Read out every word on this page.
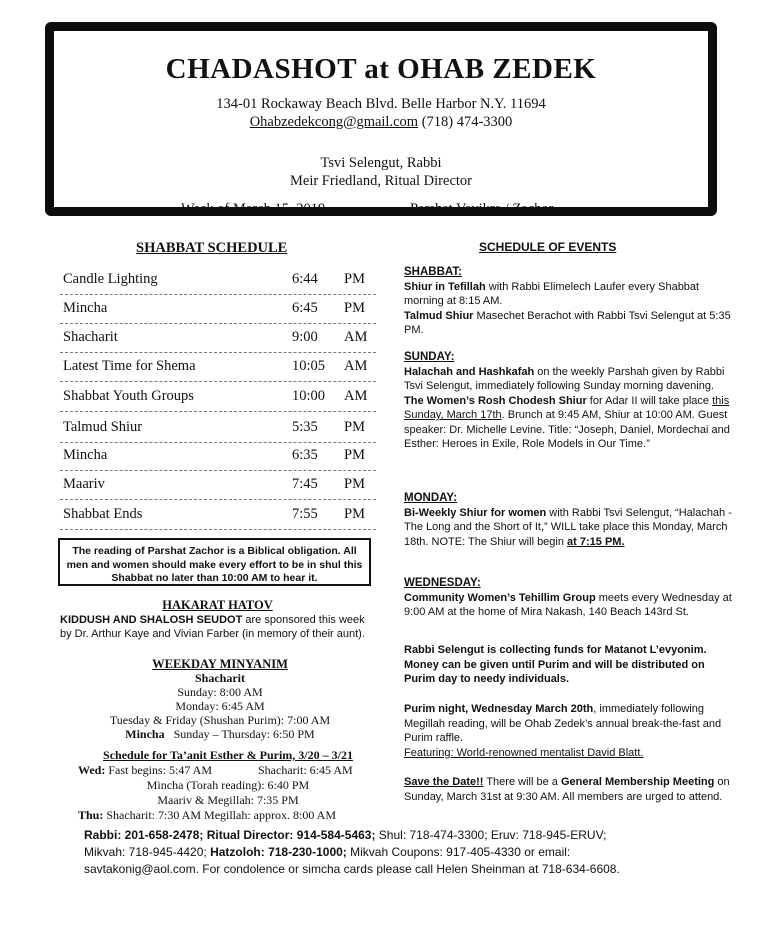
CHADASHOT at OHAB ZEDEK
134-01 Rockaway Beach Blvd. Belle Harbor N.Y. 11694
Ohabzedekcong@gmail.com (718) 474-3300
Tsvi Selengut, Rabbi
Meir Friedland, Ritual Director
Week of March 15, 2019	Parshat Vayikra / Zachor
SHABBAT SCHEDULE
Candle Lighting	6:44 PM
Mincha	6:45 PM
Shacharit	9:00 AM
Latest Time for Shema	10:05 AM
Shabbat Youth Groups	10:00 AM
Talmud Shiur	5:35 PM
Mincha	6:35 PM
Maariv	7:45 PM
Shabbat Ends	7:55 PM
The reading of Parshat Zachor is a Biblical obligation. All men and women should make every effort to be in shul this Shabbat no later than 10:00 AM to hear it.
HAKARAT HATOV
KIDDUSH AND SHALOSH SEUDOT are sponsored this week by Dr. Arthur Kaye and Vivian Farber (in memory of their aunt).
WEEKDAY MINYANIM
Shacharit
Sunday: 8:00 AM
Monday: 6:45 AM
Tuesday & Friday (Shushan Purim): 7:00 AM
Mincha Sunday – Thursday: 6:50 PM
Schedule for Ta’anit Esther & Purim, 3/20 – 3/21
Wed: Fast begins: 5:47 AM	Shacharit: 6:45 AM
Mincha (Torah reading): 6:40 PM
Maariv & Megillah: 7:35 PM
Thu: Shacharit: 7:30 AM Megillah: approx. 8:00 AM
SCHEDULE OF EVENTS
SHABBAT:
Shiur in Tefillah with Rabbi Elimelech Laufer every Shabbat morning at 8:15 AM.
Talmud Shiur Masechet Berachot with Rabbi Tsvi Selengut at 5:35 PM.
SUNDAY:
Halachah and Hashkafah on the weekly Parshah given by Rabbi Tsvi Selengut, immediately following Sunday morning davening.
The Women’s Rosh Chodesh Shiur for Adar II will take place this Sunday, March 17th. Brunch at 9:45 AM, Shiur at 10:00 AM. Guest speaker: Dr. Michelle Levine. Title: “Joseph, Daniel, Mordechai and Esther: Heroes in Exile, Role Models in Our Time.”
MONDAY:
Bi-Weekly Shiur for women with Rabbi Tsvi Selengut, “Halachah - The Long and the Short of It,” WILL take place this Monday, March 18th. NOTE: The Shiur will begin at 7:15 PM.
WEDNESDAY:
Community Women’s Tehillim Group meets every Wednesday at 9:00 AM at the home of Mira Nakash, 140 Beach 143rd St.
Rabbi Selengut is collecting funds for Matanot L’evyonim. Money can be given until Purim and will be distributed on Purim day to needy individuals.
Purim night, Wednesday March 20th, immediately following Megillah reading, will be Ohab Zedek’s annual break-the-fast and Purim raffle.
Featuring: World-renowned mentalist David Blatt.
Save the Date!! There will be a General Membership Meeting on Sunday, March 31st at 9:30 AM. All members are urged to attend.

Rabbi: 201-658-2478; Ritual Director: 914-584-5463; Shul: 718-474-3300; Eruv: 718-945-ERUV;

Mikvah: 718-945-4420; Hatzoloh: 718-230-1000; Mikvah Coupons: 917-405-4330 or email:

savtakonig@aol.com. For condolence or simcha cards please call Helen Sheinman at 718-634-6608.
